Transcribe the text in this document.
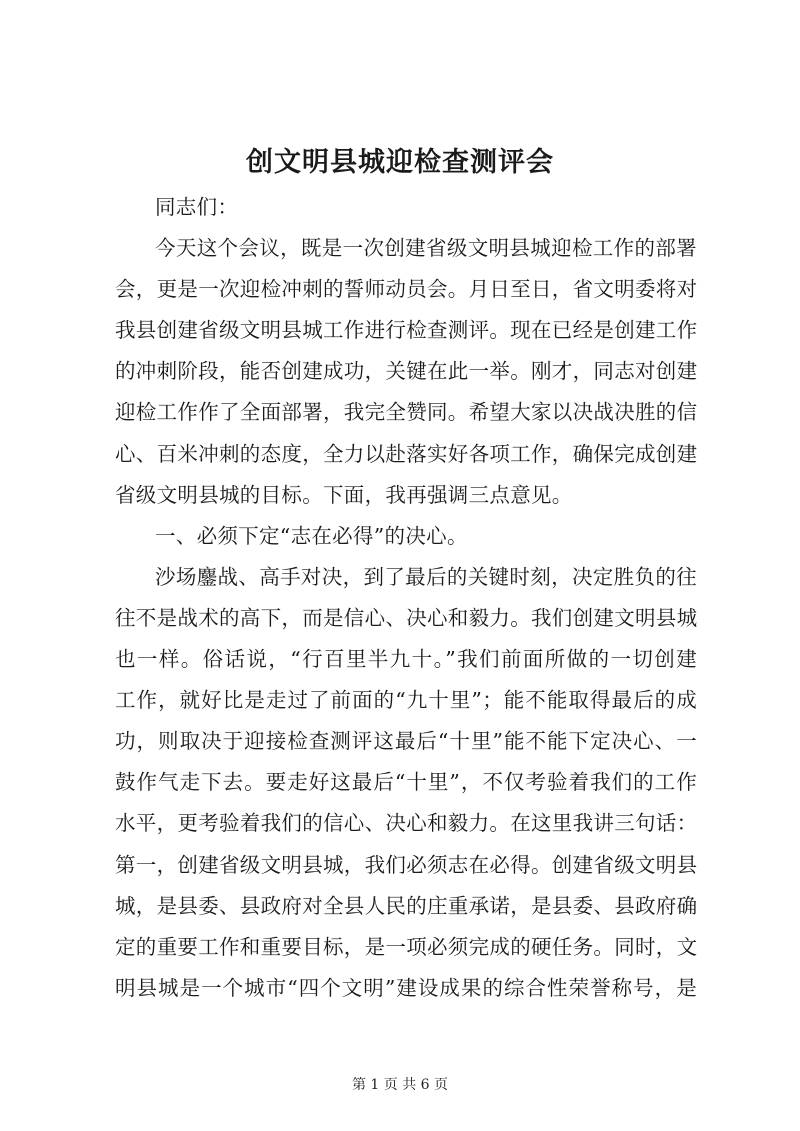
创文明县城迎检查测评会
同志们：
今天这个会议，既是一次创建省级文明县城迎检工作的部署
会，更是一次迎检冲刺的誓师动员会。月日至日，省文明委将对
我县创建省级文明县城工作进行检查测评。现在已经是创建工作
的冲刺阶段，能否创建成功，关键在此一举。刚才，同志对创建
迎检工作作了全面部署，我完全赞同。希望大家以决战决胜的信
心、百米冲刺的态度，全力以赴落实好各项工作，确保完成创建
省级文明县城的目标。下面，我再强调三点意见。
一、必须下定“志在必得”的决心。
沙场鏖战、高手对决，到了最后的关键时刻，决定胜负的往
往不是战术的高下，而是信心、决心和毅力。我们创建文明县城
也一样。俗话说，“行百里半九十。”我们前面所做的一切创建
工作，就好比是走过了前面的“九十里”；能不能取得最后的成
功，则取决于迎接检查测评这最后“十里”能不能下定决心、一
鼓作气走下去。要走好这最后“十里”，不仅考验着我们的工作
水平，更考验着我们的信心、决心和毅力。在这里我讲三句话：
第一，创建省级文明县城，我们必须志在必得。创建省级文明县
城，是县委、县政府对全县人民的庄重承诺，是县委、县政府确
定的重要工作和重要目标，是一项必须完成的硬任务。同时，文
明县城是一个城市“四个文明”建设成果的综合性荣誉称号，是
第 1 页 共 6 页
